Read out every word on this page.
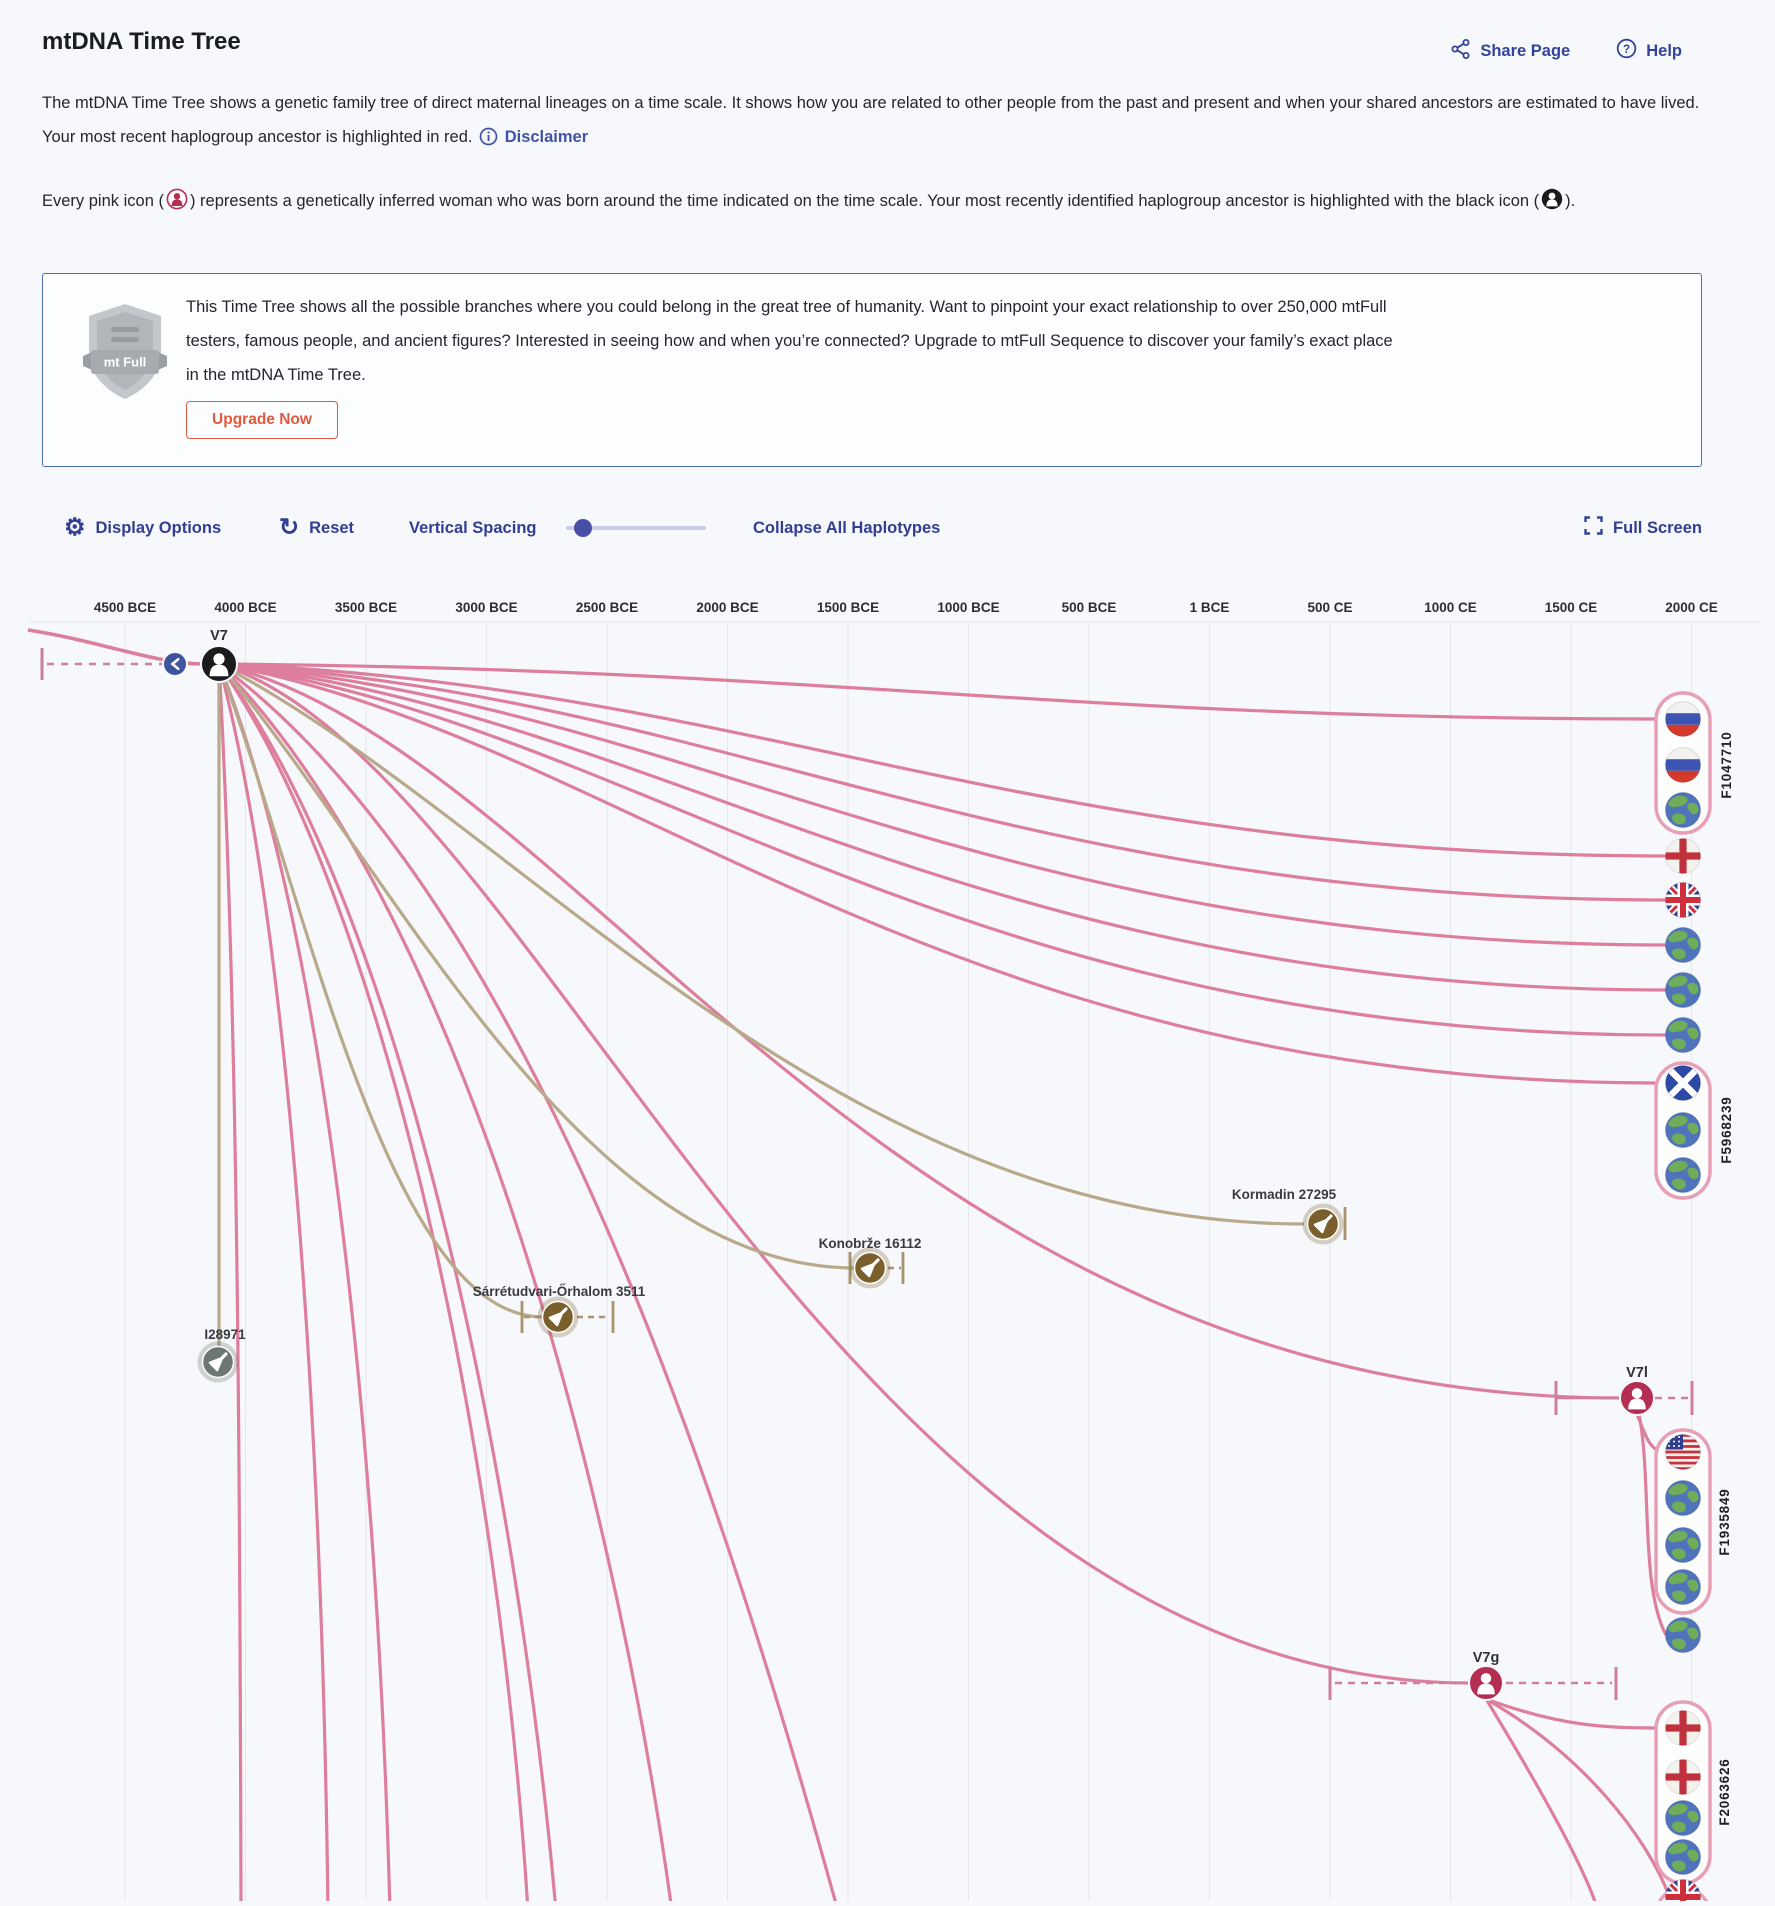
mtDNA Time Tree	Share Page	? Help
The mtDNA Time Tree shows a genetic family tree of direct maternal lineages on a time scale. It shows how you are related to other people from the past and present and when your shared ancestors are estimated to have lived. Your most recent haplogroup ancestor is highlighted in red. Disclaimer
Every pink icon ( ) represents a genetically inferred woman who was born around the time indicated on the time scale. Your most recently identified haplogroup ancestor is highlighted with the black icon ( ).
mt Full
This Time Tree shows all the possible branches where you could belong in the great tree of humanity. Want to pinpoint your exact relationship to over 250,000 mtFull testers, famous people, and ancient figures? Interested in seeing how and when you’re connected? Upgrade to mtFull Sequence to discover your family’s exact place in the mtDNA Time Tree.
Upgrade Now
⚙ Display Options ↻ Reset	Vertical Spacing	Collapse All Haplotypes	Full Screen
4500 BCE	4000 BCE	3500 BCE	3000 BCE	2500 BCE	2000 BCE	1500 BCE	1000 BCE	500 BCE	1 BCE	500 CE	1000 CE	1500 CE	2000 CE
V7
V7l
V7g
Kormadin 27295
Konobrže 16112
Sárrétudvari-Őrhalom 3511
I28971
F1047710
F5968239
F1935849
F2063626
